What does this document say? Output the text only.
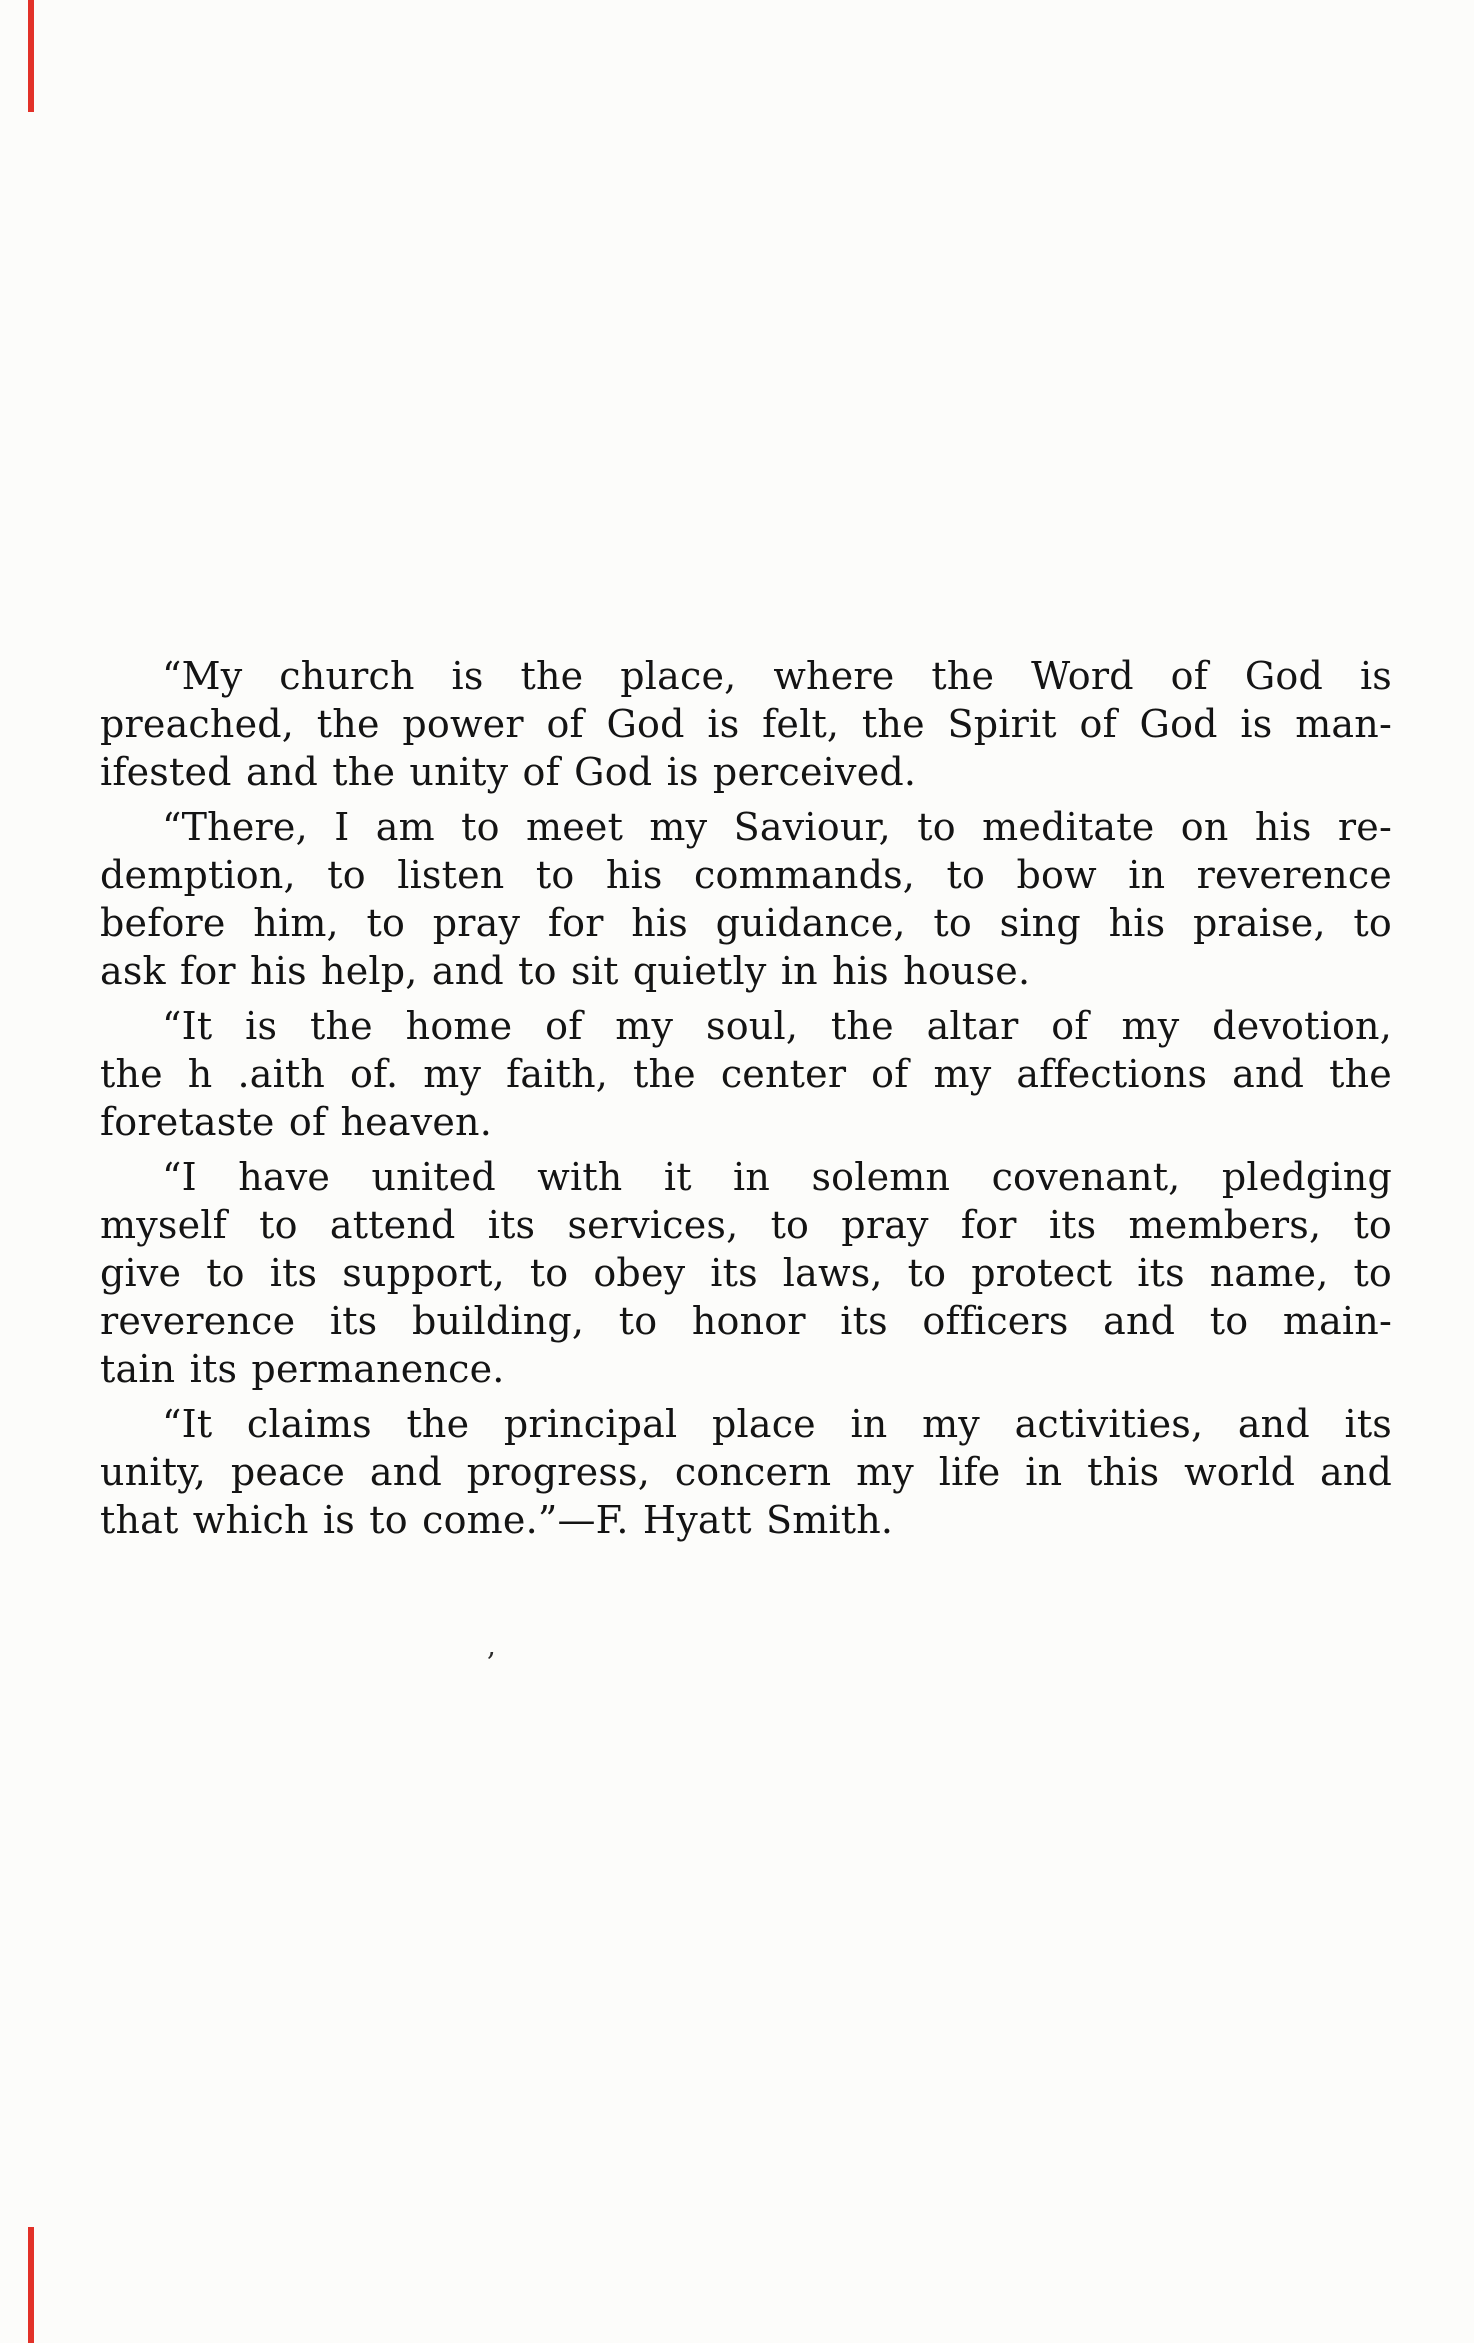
“My church is the place, where the Word of God is
preached, the power of God is felt, the Spirit of God is man-
ifested and the unity of God is perceived.
“There, I am to meet my Saviour, to meditate on his re-
demption, to listen to his commands, to bow in reverence
before him, to pray for his guidance, to sing his praise, to
ask for his help, and to sit quietly in his house.
“It is the home of my soul, the altar of my devotion,
the h .aith of. my faith, the center of my affections and the
foretaste of heaven.
“I have united with it in solemn covenant, pledging
myself to attend its services, to pray for its members, to
give to its support, to obey its laws, to protect its name, to
reverence its building, to honor its officers and to main-
tain its permanence.
“It claims the principal place in my activities, and its
unity, peace and progress, concern my life in this world and
that which is to come.”—F. Hyatt Smith.
,
